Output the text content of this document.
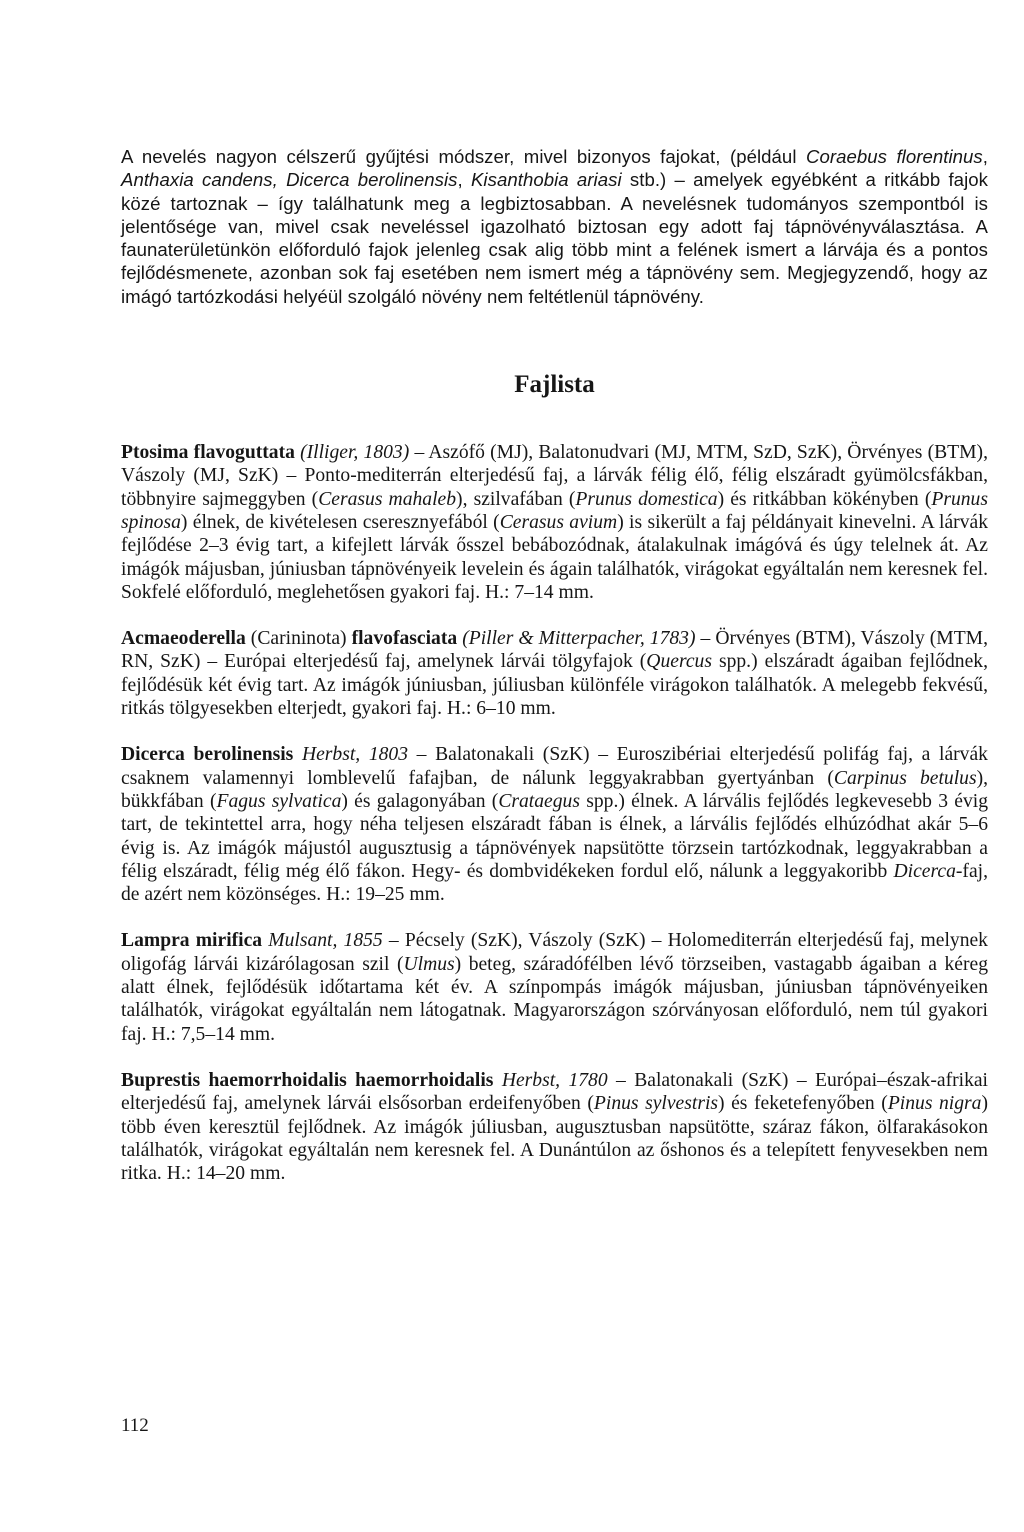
A nevelés nagyon célszerű gyűjtési módszer, mivel bizonyos fajokat, (például Coraebus florentinus, Anthaxia candens, Dicerca berolinensis, Kisanthobia ariasi stb.) – amelyek egyébként a ritkább fajok közé tartoznak – így találhatunk meg a legbiztosabban. A nevelésnek tudományos szempontból is jelentősége van, mivel csak neveléssel igazolható biztosan egy adott faj tápnövényválasztása. A faunaterületünkön előforduló fajok jelenleg csak alig több mint a felének ismert a lárvája és a pontos fejlődésmenete, azonban sok faj esetében nem ismert még a tápnövény sem. Megjegyzendő, hogy az imágó tartózkodási helyéül szolgáló növény nem feltétlenül tápnövény.

Fajlista

Ptosima flavoguttata (Illiger, 1803) – Aszófő (MJ), Balatonudvari (MJ, MTM, SzD, SzK), Örvényes (BTM), Vászoly (MJ, SzK) – Ponto-mediterrán elterjedésű faj, a lárvák félig élő, félig elszáradt gyümölcsfákban, többnyire sajmeggyben (Cerasus mahaleb), szilvafában (Prunus domestica) és ritkábban kökényben (Prunus spinosa) élnek, de kivételesen cseresznyefából (Cerasus avium) is sikerült a faj példányait kinevelni. A lárvák fejlődése 2–3 évig tart, a kifejlett lárvák ősszel bebábozódnak, átalakulnak imágóvá és úgy telelnek át. Az imágók májusban, júniusban tápnövényeik levelein és ágain találhatók, virágokat egyáltalán nem keresnek fel. Sokfelé előforduló, meglehetősen gyakori faj. H.: 7–14 mm.

Acmaeoderella (Carininota) flavofasciata (Piller & Mitterpacher, 1783) – Örvényes (BTM), Vászoly (MTM, RN, SzK) – Európai elterjedésű faj, amelynek lárvái tölgyfajok (Quercus spp.) elszáradt ágaiban fejlődnek, fejlődésük két évig tart. Az imágók júniusban, júliusban különféle virágokon találhatók. A melegebb fekvésű, ritkás tölgyesekben elterjedt, gyakori faj. H.: 6–10 mm.

Dicerca berolinensis Herbst, 1803 – Balatonakali (SzK) – Euroszibériai elterjedésű polifág faj, a lárvák csaknem valamennyi lomblevelű fafajban, de nálunk leggyakrabban gyertyánban (Carpinus betulus), bükkfában (Fagus sylvatica) és galagonyában (Crataegus spp.) élnek. A lárvális fejlődés legkevesebb 3 évig tart, de tekintettel arra, hogy néha teljesen elszáradt fában is élnek, a lárvális fejlődés elhúzódhat akár 5–6 évig is. Az imágók májustól augusztusig a tápnövények napsütötte törzsein tartózkodnak, leggyakrabban a félig elszáradt, félig még élő fákon. Hegy- és dombvidékeken fordul elő, nálunk a leggyakoribb Dicerca-faj, de azért nem közönséges. H.: 19–25 mm.

Lampra mirifica Mulsant, 1855 – Pécsely (SzK), Vászoly (SzK) – Holomediterrán elterjedésű faj, melynek oligofág lárvái kizárólagosan szil (Ulmus) beteg, száradófélben lévő törzseiben, vastagabb ágaiban a kéreg alatt élnek, fejlődésük időtartama két év. A színpompás imágók májusban, júniusban tápnövényeiken találhatók, virágokat egyáltalán nem látogatnak. Magyarországon szórványosan előforduló, nem túl gyakori faj. H.: 7,5–14 mm.

Buprestis haemorrhoidalis haemorrhoidalis Herbst, 1780 – Balatonakali (SzK) – Európai–észak-afrikai elterjedésű faj, amelynek lárvái elsősorban erdeifenyőben (Pinus sylvestris) és feketefenyőben (Pinus nigra) több éven keresztül fejlődnek. Az imágók júliusban, augusztusban napsütötte, száraz fákon, ölfarakásokon találhatók, virágokat egyáltalán nem keresnek fel. A Dunántúlon az őshonos és a telepített fenyvesekben nem ritka. H.: 14–20 mm.

112
